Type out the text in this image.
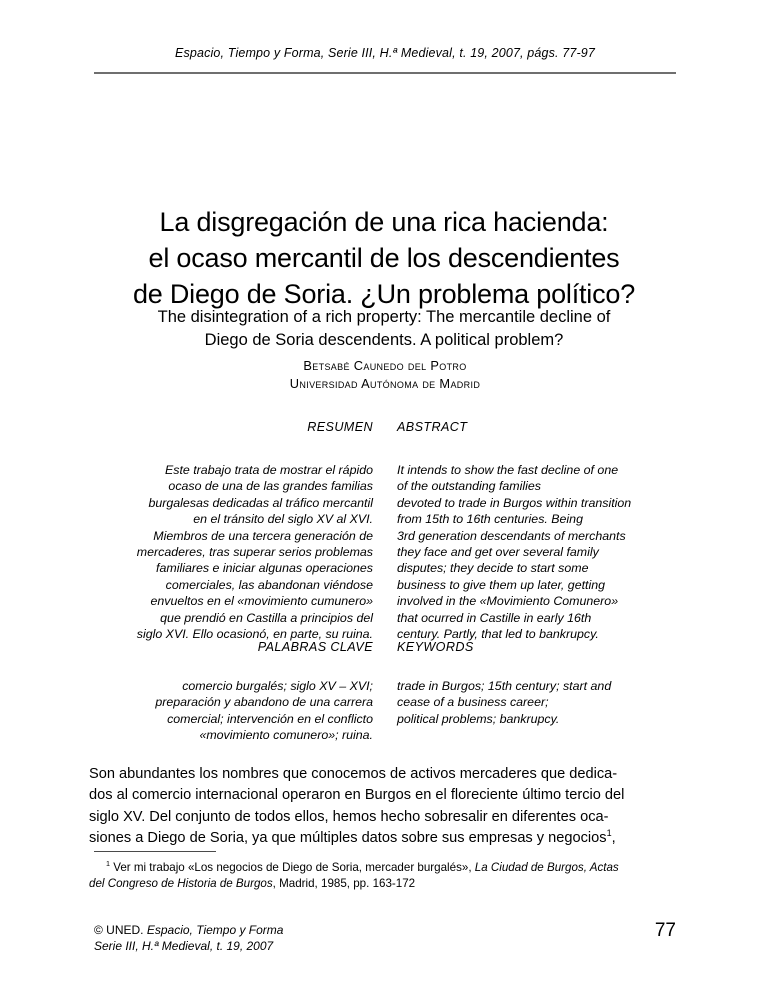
Espacio, Tiempo y Forma, Serie III, H.ª Medieval, t. 19, 2007, págs. 77-97
La disgregación de una rica hacienda:
el ocaso mercantil de los descendientes
de Diego de Soria. ¿Un problema político?
The disintegration of a rich property: The mercantile decline of
Diego de Soria descendents. A political problem?
Betsabé Caunedo del Potro
Universidad Autónoma de Madrid
RESUMEN ABSTRACT
Este trabajo trata de mostrar el rápido
ocaso de una de las grandes familias
burgalesas dedicadas al tráfico mercantil
en el tránsito del siglo XV al XVI.
Miembros de una tercera generación de
mercaderes, tras superar serios problemas
familiares e iniciar algunas operaciones
comerciales, las abandonan viéndose
envueltos en el «movimiento cumunero»
que prendió en Castilla a principios del
siglo XVI. Ello ocasionó, en parte, su ruina.
It intends to show the fast decline of one
of the outstanding families
devoted to trade in Burgos within transition
from 15th to 16th centuries. Being
3rd generation descendants of merchants
they face and get over several family
disputes; they decide to start some
business to give them up later, getting
involved in the «Movimiento Comunero»
that ocurred in Castille in early 16th
century. Partly, that led to bankrupcy.
PALABRAS CLAVE KEYWORDS
comercio burgalés; siglo XV – XVI;
preparación y abandono de una carrera
comercial; intervención en el conflicto
«movimiento comunero»; ruina.
trade in Burgos; 15th century; start and
cease of a business career;
political problems; bankrupcy.
Son abundantes los nombres que conocemos de activos mercaderes que dedica-
dos al comercio internacional operaron en Burgos en el floreciente último tercio del
siglo XV. Del conjunto de todos ellos, hemos hecho sobresalir en diferentes oca-
siones a Diego de Soria, ya que múltiples datos sobre sus empresas y negocios$^1$,
$^1$ Ver mi trabajo «Los negocios de Diego de Soria, mercader burgalés», La Ciudad de Burgos, Actas
del Congreso de Historia de Burgos, Madrid, 1985, pp. 163-172
© UNED. Espacio, Tiempo y Forma
Serie III, H.ª Medieval, t. 19, 2007
77
